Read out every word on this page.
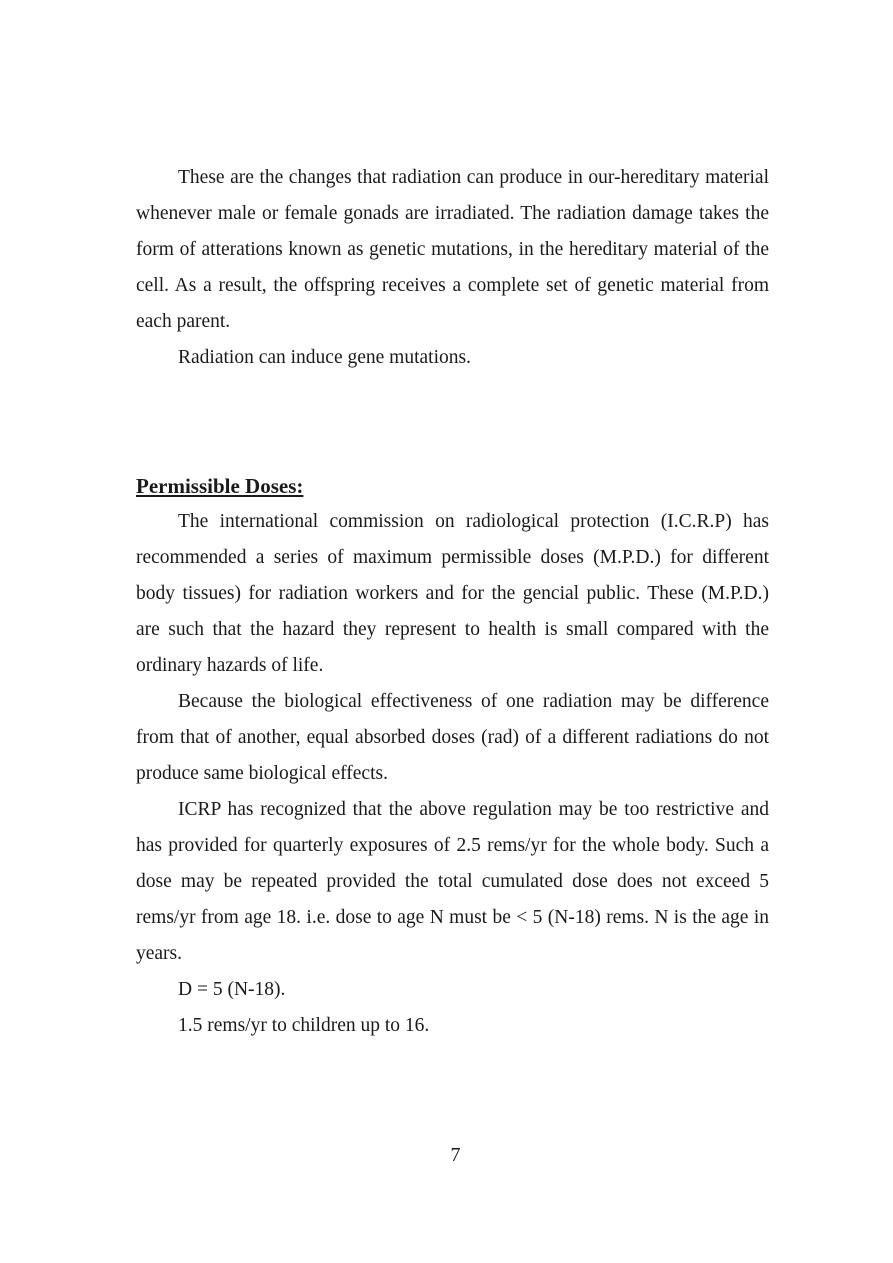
These are the changes that radiation can produce in our-hereditary material whenever male or female gonads are irradiated. The radiation damage takes the form of atterations known as genetic mutations, in the hereditary material of the cell. As a result, the offspring receives a complete set of genetic material from each parent.

Radiation can induce gene mutations.

Permissible Doses:

The international commission on radiological protection (I.C.R.P) has recommended a series of maximum permissible doses (M.P.D.) for different body tissues) for radiation workers and for the gencial public. These (M.P.D.) are such that the hazard they represent to health is small compared with the ordinary hazards of life.

Because the biological effectiveness of one radiation may be difference from that of another, equal absorbed doses (rad) of a different radiations do not produce same biological effects.

ICRP has recognized that the above regulation may be too restrictive and has provided for quarterly exposures of 2.5 rems/yr for the whole body. Such a dose may be repeated provided the total cumulated dose does not exceed 5 rems/yr from age 18. i.e. dose to age N must be < 5 (N-18) rems. N is the age in years.

D = 5 (N-18).

1.5 rems/yr to children up to 16.

7
